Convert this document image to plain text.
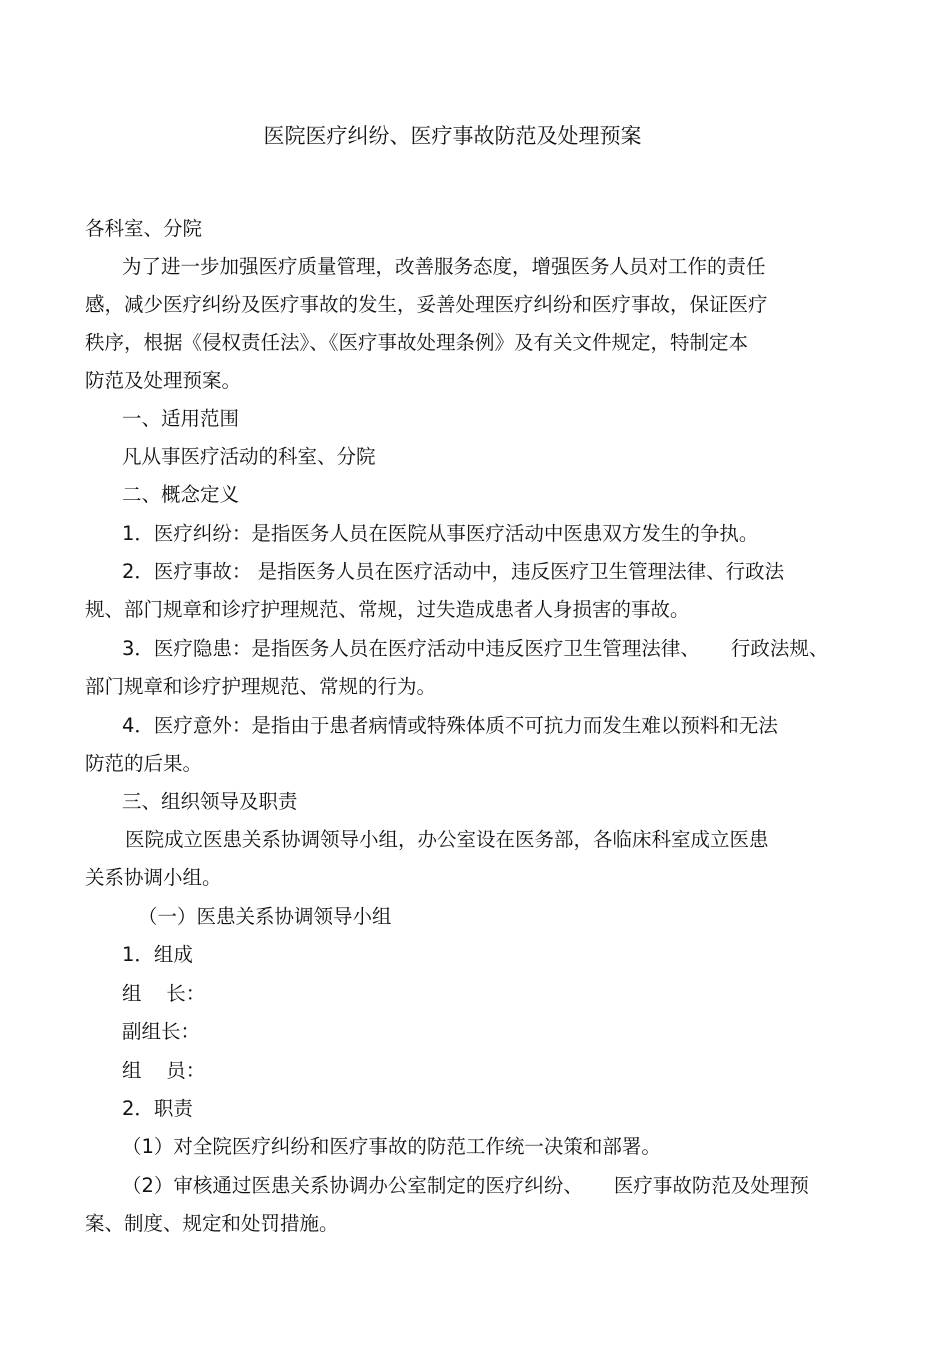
医院医疗纠纷、医疗事故防范及处理预案
各科室、分院
为了进一步加强医疗质量管理，改善服务态度，增强医务人员对工作的责任
感，减少医疗纠纷及医疗事故的发生，妥善处理医疗纠纷和医疗事故，保证医疗
秩序，根据《侵权责任法》、《医疗事故处理条例》及有关文件规定，特制定本
防范及处理预案。
一、适用范围
凡从事医疗活动的科室、分院
二、概念定义
1．医疗纠纷：是指医务人员在医院从事医疗活动中医患双方发生的争执。
2．医疗事故： 是指医务人员在医疗活动中，违反医疗卫生管理法律、行政法
规、部门规章和诊疗护理规范、常规，过失造成患者人身损害的事故。
3．医疗隐患：是指医务人员在医疗活动中违反医疗卫生管理法律、     行政法规、
部门规章和诊疗护理规范、常规的行为。
4．医疗意外：是指由于患者病情或特殊体质不可抗力而发生难以预料和无法
防范的后果。
三、组织领导及职责
医院成立医患关系协调领导小组，办公室设在医务部，各临床科室成立医患
关系协调小组。
（一）医患关系协调领导小组
1．组成
组    长：
副组长：
组    员：
2．职责
（1）对全院医疗纠纷和医疗事故的防范工作统一决策和部署。
（2）审核通过医患关系协调办公室制定的医疗纠纷、     医疗事故防范及处理预
案、制度、规定和处罚措施。
